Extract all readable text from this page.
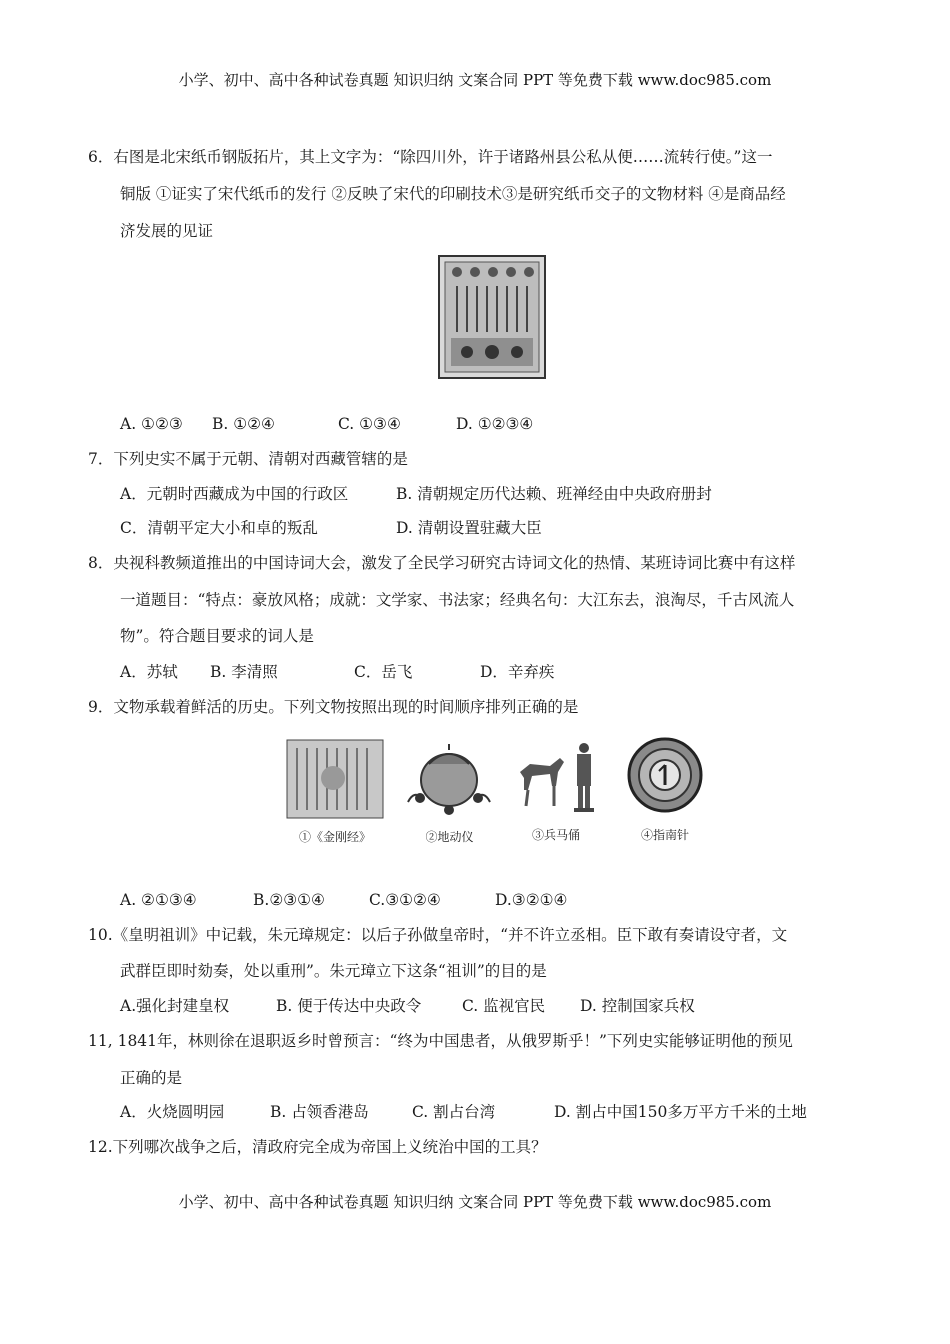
小学、初中、高中各种试卷真题 知识归纳 文案合同 PPT 等免费下载 www.doc985.com
6．右图是北宋纸币钢版拓片，其上文字为：“除四川外，许于诸路州县公私从便……流转行使。”这一
铜版 ①证实了宋代纸币的发行 ②反映了宋代的印刷技术③是研究纸币交子的文物材料 ④是商品经
济发展的见证
A. ①②③ B. ①②④	C. ①③④	D. ①②③④
7．下列史实不属于元朝、清朝对西藏管辖的是
A．元朝时西藏成为中国的行政区	B. 清朝规定历代达赖、班禅经由中央政府册封
C．清朝平定大小和卓的叛乱	D. 清朝设置驻藏大臣
8．央视科教频道推出的中国诗词大会，激发了全民学习研究古诗词文化的热情、某班诗词比赛中有这样
一道题目：“特点：豪放风格；成就：文学家、书法家；经典名句：大江东去，浪淘尽，千古风流人
物”。符合题目要求的词人是
A．苏轼 B. 李清照	C．岳飞	D．辛弃疾
9．文物承载着鲜活的历史。下列文物按照出现的时间顺序排列正确的是
①《金刚经》	②地动仪	③兵马俑	④指南针
A. ②①③④	B.②③①④	C.③①②④	D.③②①④
10.《皇明祖训》中记载，朱元璋规定：以后子孙做皇帝时，“并不许立丞相。臣下敢有奏请设守者，文
武群臣即时劾奏，处以重刑”。朱元璋立下这条“祖训”的目的是
A.强化封建皇权	B. 便于传达中央政令	C. 监视官民 D. 控制国家兵权
11, 1841年，林则徐在退职返乡时曾预言：“终为中国患者，从俄罗斯乎！”下列史实能够证明他的预见
正确的是
A．火烧圆明园	B. 占领香港岛	C. 割占台湾	D. 割占中国150多万平方千米的土地
12.下列哪次战争之后，清政府完全成为帝国上义统治中国的工具？
小学、初中、高中各种试卷真题 知识归纳 文案合同 PPT 等免费下载 www.doc985.com
